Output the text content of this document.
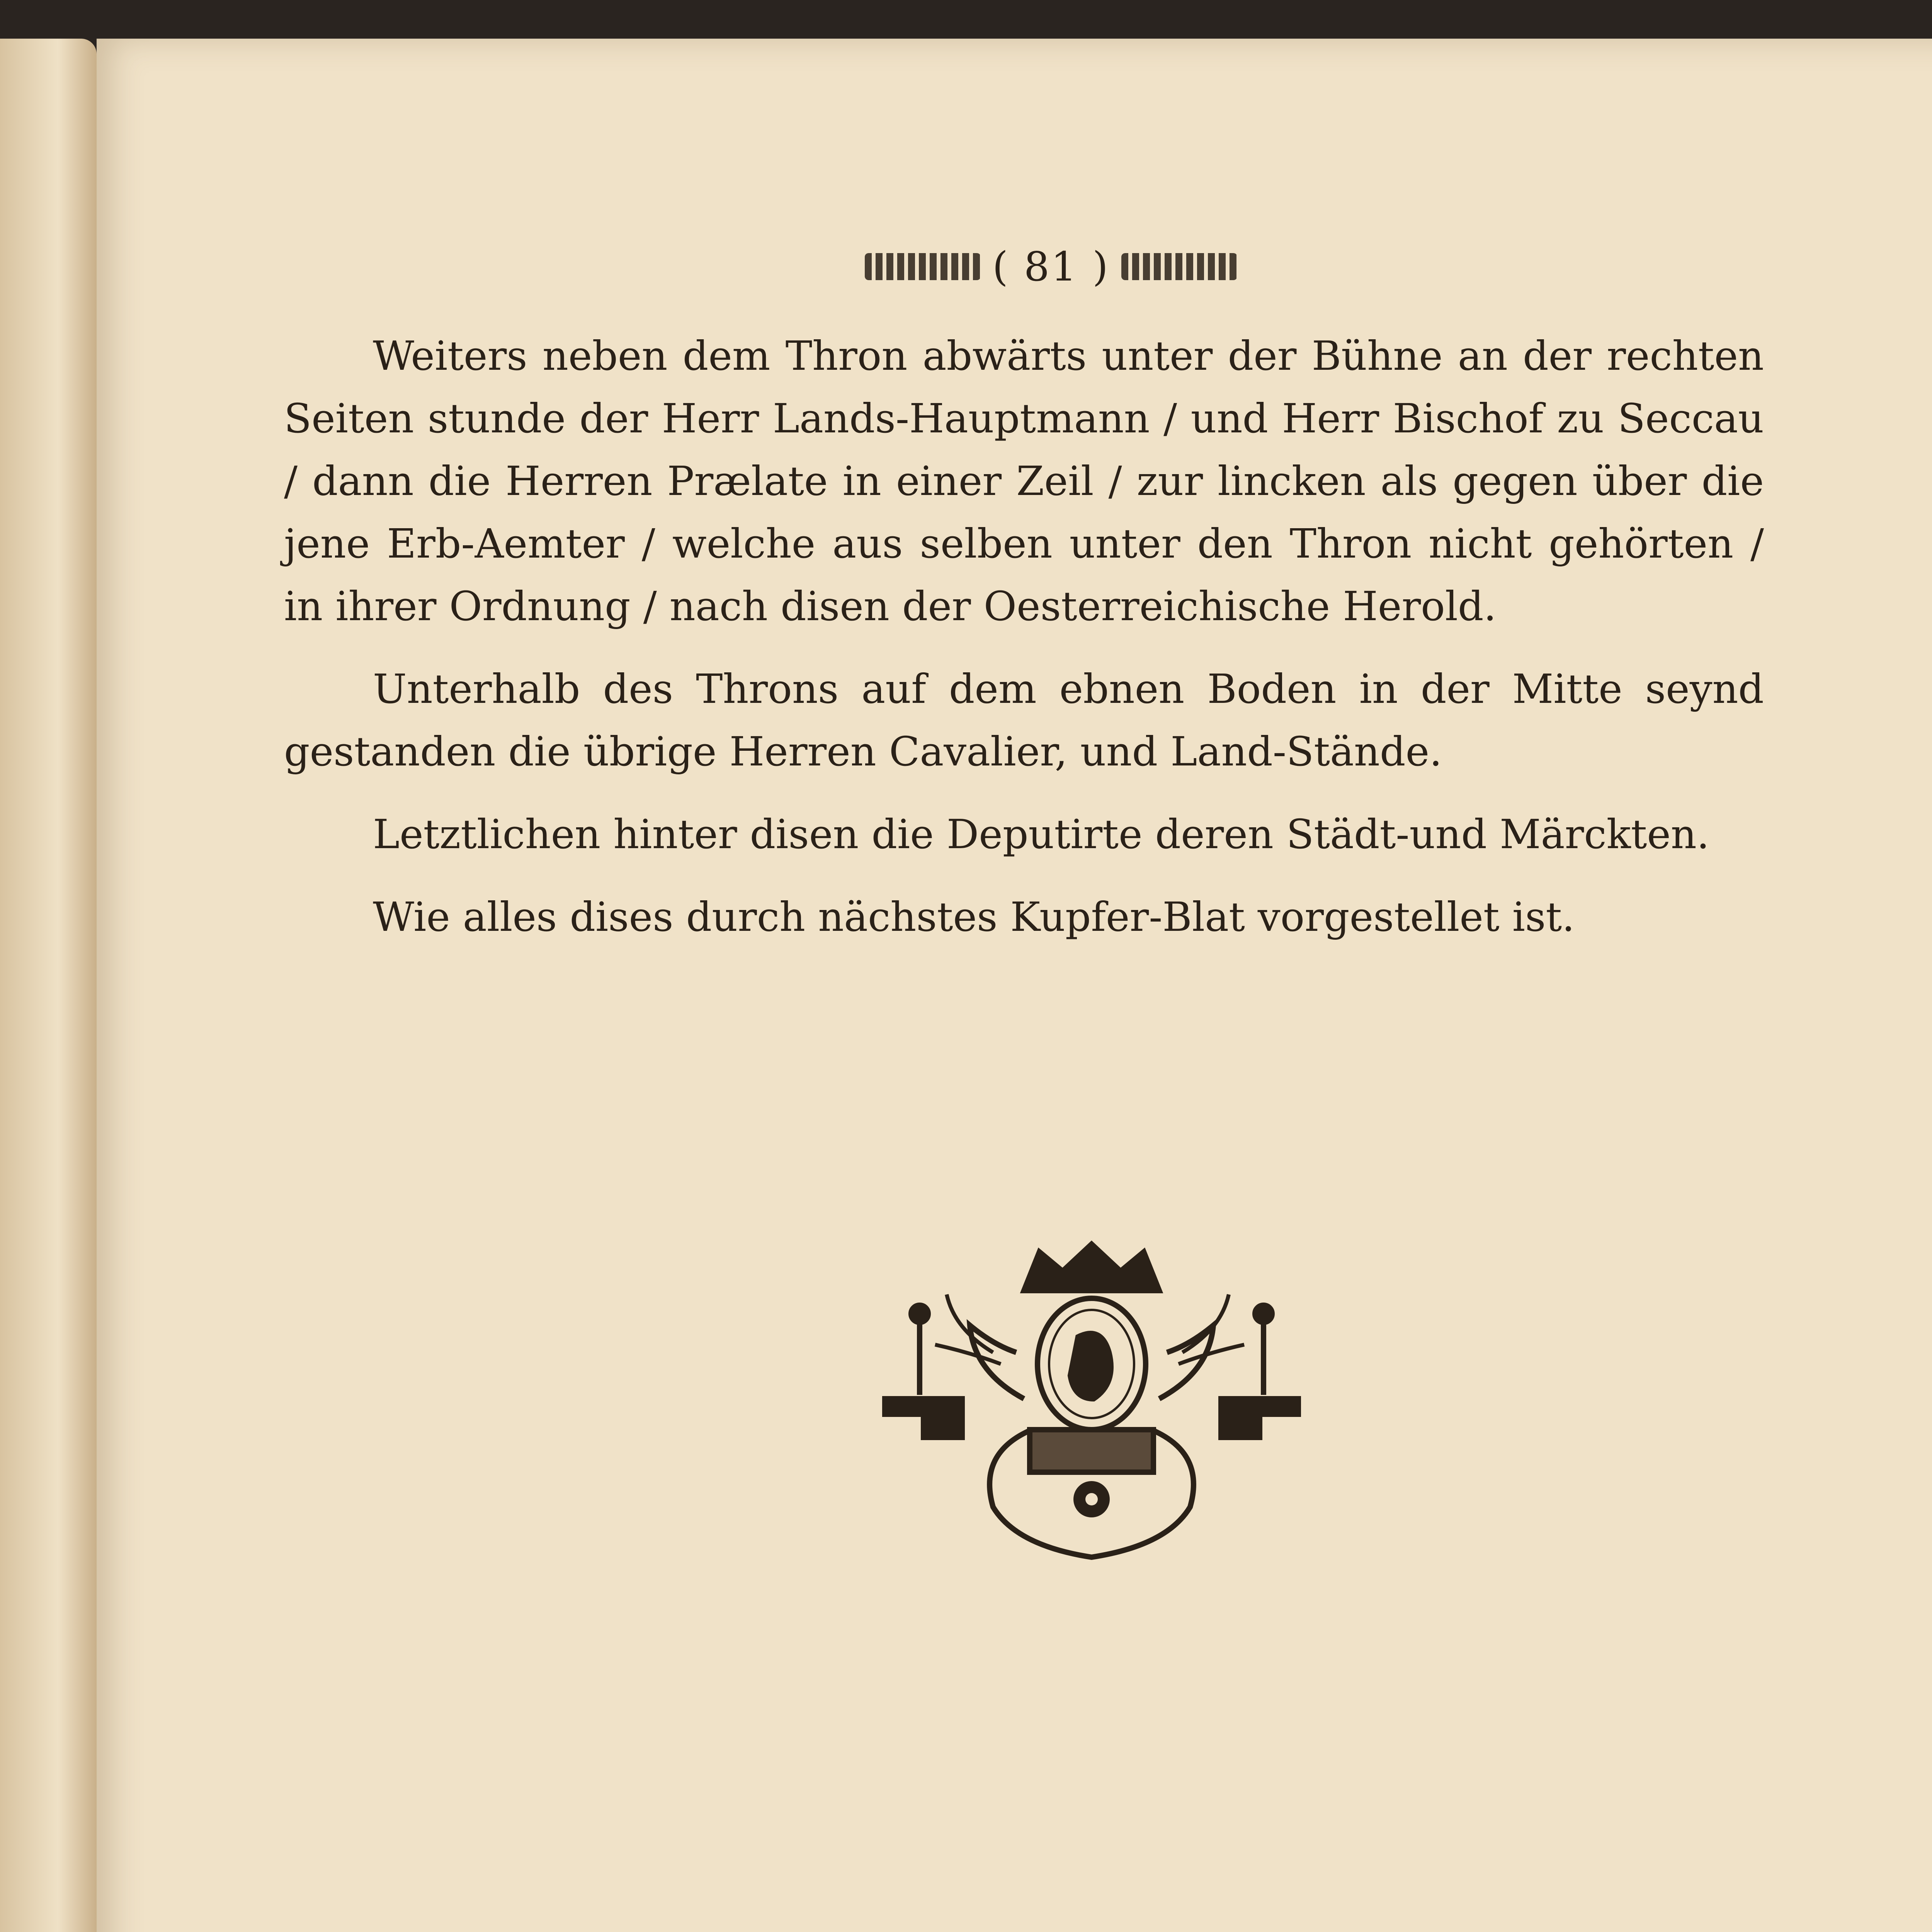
( 81 )

Weiters neben dem Thron abwärts unter der Bühne an der rechten Seiten stunde der Herr Lands-Hauptmann / und Herr Bischof zu Seccau / dann die Herren Prælate in einer Zeil / zur lincken als gegen über die jene Erb-Aemter / welche aus selben unter den Thron nicht gehörten / in ihrer Ordnung / nach disen der Oesterreichische Herold.

Unterhalb des Throns auf dem ebnen Boden in der Mitte seynd gestanden die übrige Herren Cavalier, und Land-Stände.

Letztlichen hinter disen die Deputirte deren Städt-und Märckten.

Wie alles dises durch nächstes Kupfer-Blat vorgestellet ist.
